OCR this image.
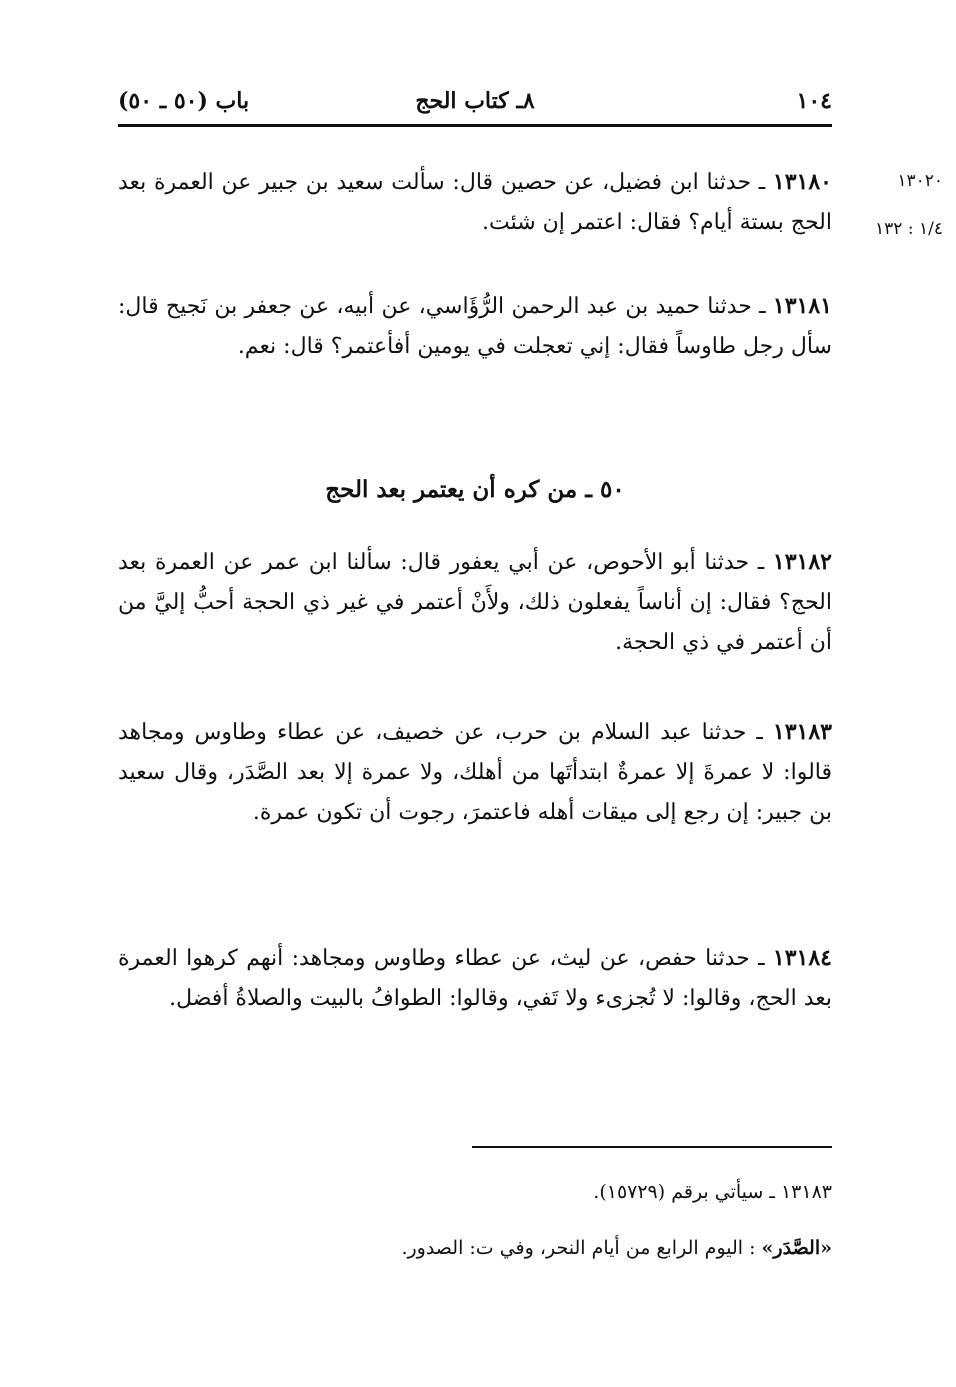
١٠٤
٨ـ كتاب الحج
باب (٥٠ ـ ٥٠)
١٣٠٢٠
١/٤ : ١٣٢

١٣١٨٠ ـ حدثنا ابن فضيل، عن حصين قال: سألت سعيد بن جبير عن العمرة بعد الحج بستة أيام؟ فقال: اعتمر إن شئت.

١٣١٨١ ـ حدثنا حميد بن عبد الرحمن الرُّؤَاسي، عن أبيه، عن جعفر بن نَجيح قال: سأل رجل طاوساً فقال: إني تعجلت في يومين أفأعتمر؟ قال: نعم.

٥٠ ـ من كره أن يعتمر بعد الحج

١٣١٨٢ ـ حدثنا أبو الأحوص، عن أبي يعفور قال: سألنا ابن عمر عن العمرة بعد الحج؟ فقال: إن أناساً يفعلون ذلك، ولأَنْ أعتمر في غير ذي الحجة أحبُّ إليَّ من أن أعتمر في ذي الحجة.

١٣١٨٣ ـ حدثنا عبد السلام بن حرب، عن خصيف، عن عطاء وطاوس ومجاهد قالوا: لا عمرةَ إلا عمرةٌ ابتدأتَها من أهلك، ولا عمرة إلا بعد الصَّدَر، وقال سعيد بن جبير: إن رجع إلى ميقات أهله فاعتمرَ، رجوت أن تكون عمرة.

١٣١٨٤ ـ حدثنا حفص، عن ليث، عن عطاء وطاوس ومجاهد: أنهم كرهوا العمرة بعد الحج، وقالوا: لا تُجزىء ولا تَفي، وقالوا: الطوافُ بالبيت والصلاةُ أفضل.

١٣١٨٣ ـ سيأتي برقم (١٥٧٢٩).
«الصَّدَر» : اليوم الرابع من أيام النحر، وفي ت: الصدور.
